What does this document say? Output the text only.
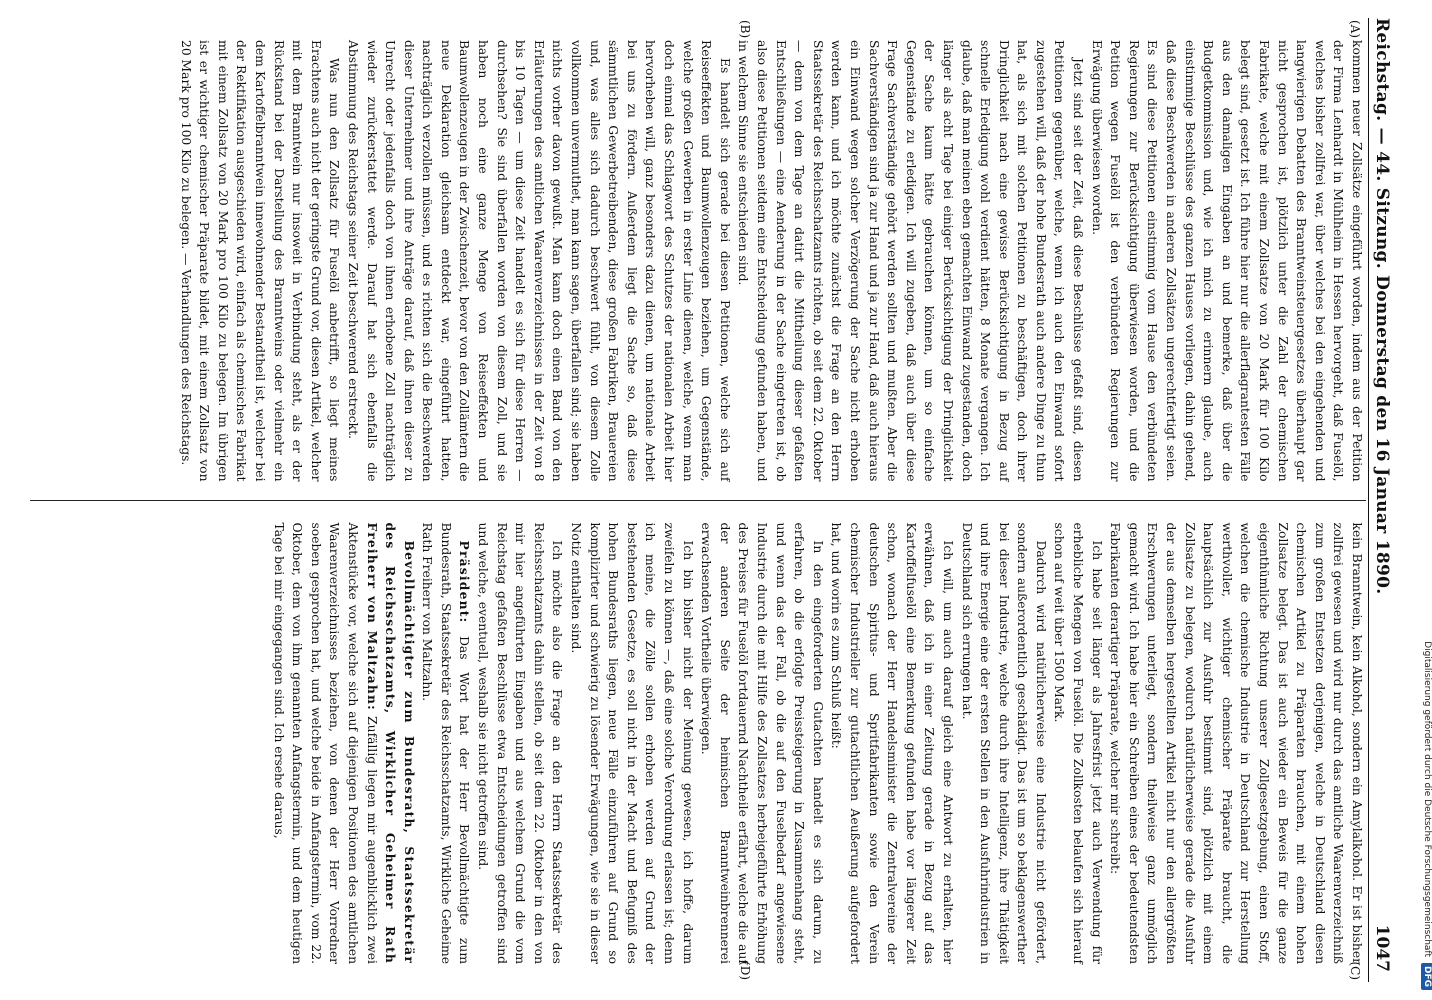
Digitalisierung gefördert durch die Deutsche Forschungsgemeinschaft
DFG
Reichstag. — 44. Sitzung. Donnerstag den 16 Januar 1890.
1047
(A)
(B)

kommen neuer Zollsätze eingeführt worden, indem aus der Petition der Firma Lenhardt in Mühlheim in Hessen hervorgeht, daß Fuselöl, welches bisher zollfrei war, über welches bei den eingehenden und langwierigen Debatten des Branntweinsteuergesetzes überhaupt gar nicht gesprochen ist, plötzlich unter die Zahl der chemischen Fabrikate, welche mit einem Zollsatze von 20 Mark für 100 Kilo belegt sind, gesetzt ist. Ich führe hier nur die allerflagrantesten Fälle aus den damaligen Eingaben an und bemerke, daß über die Budgetkommission und, wie ich mich zu erinnern glaube, auch einstimmige Beschlüsse des ganzen Hauses vorliegen, dahin gehend, daß diese Beschwerden in anderen Zollsätzen ungerechtfertigt seien. Es sind diese Petitionen einstimmig vom Hause den verbündeten Regierungen zur Berücksichtigung überwiesen worden, und die Petition wegen Fuselöl ist den verbündeten Regierungen zur Erwägung überwiesen worden.

Jetzt sind seit der Zeit, daß diese Beschlüsse gefaßt sind, diesen Petitionen gegenüber, welche, wenn ich auch den Einwand sofort zugestehen will, daß der hohe Bundesrath auch andere Dinge zu thun hat, als sich mit solchen Petitionen zu beschäftigen, doch ihrer Dringlichkeit nach eine gewisse Berücksichtigung in Bezug auf schnelle Erledigung wohl verdient hätten, 8 Monate vergangen. Ich glaube, daß man meinen eben gemachten Einwand zugestanden, doch länger als acht Tage bei einiger Berücksichtigung der Dringlichkeit der Sache kaum hätte gebrauchen können, um so einfache Gegenstände zu erledigen. Ich will zugeben, daß auch über diese Frage Sachverständige gehört werden sollten und mußten. Aber die Sachverständigen sind ja zur Hand und ja zur Hand, daß auch hieraus ein Einwand wegen solcher Verzögerung der Sache nicht erhoben werden kann, und ich möchte zunächst die Frage an den Herrn Staatssekretär des Reichsschatzamts richten, ob seit dem 22. Oktober — denn von dem Tage an datirt die Mittheilung dieser gefaßten Entschließungen — eine Aenderung in der Sache eingetreten ist, ob also diese Petitionen seitdem eine Entscheidung gefunden haben, und in welchem Sinne sie entschieden sind.

Es handelt sich gerade bei diesen Petitionen, welche sich auf Reiseeffekten und Baumwollenzeugen beziehen, um Gegenstände, welche großen Gewerben in erster Linie dienen, welche, wenn man doch einmal das Schlagwort des Schutzes der nationalen Arbeit hier hervorheben will, ganz besonders dazu dienen, um nationale Arbeit bei uns zu fördern. Außerdem liegt die Sache so, daß diese sämmtlichen Gewerbetreibenden, diese großen Fabriken, Brauereien und, was alles sich dadurch beschwert fühlt, von diesem Zolle vollkommen unvermuthet, man kann sagen, überfallen sind; sie haben nichts vorher davon gewußt. Man kann doch einen Band von den Erläuterungen des amtlichen Waarenverzeichnisses in der Zeit von 8 bis 10 Tagen — um diese Zeit handelt es sich für diese Herren — durchsehen? Sie sind überfallen worden von diesem Zoll, und sie haben noch eine ganze Menge von Reiseeffekten und Baumwollenzeugen in der Zwischenzeit, bevor von den Zollämtern die neue Deklaration gleichsam entdeckt war, eingeführt hatten, nachträglich verzollen müssen, und es richten sich die Beschwerden dieser Unternehmer und ihre Anträge darauf, daß ihnen dieser zu Unrecht oder jedenfalls doch von ihnen erhobene Zoll nachträglich wieder zurückerstattet werde. Darauf hat sich ebenfalls die Abstimmung des Reichstags seiner Zeit beschwerend erstreckt.

Was nun den Zollsatz für Fuselöl anbetrifft, so liegt meines Erachtens auch nicht der geringste Grund vor, diesen Artikel, welcher mit dem Branntwein nur insoweit in Verbindung steht, als er der Rückstand bei der Darstellung des Branntweins oder vielmehr ein dem Kartoffelbranntwein innewohnender Bestandtheil ist, welcher bei der Rektifikation ausgeschieden wird, einfach als chemisches Fabrikat mit einem Zollsatz von 20 Mark pro 100 Kilo zu belegen. Im übrigen ist er wichtiger chemischer Präparate bildet, mit einem Zollsatz von 20 Mark pro 100 Kilo zu belegen. — Verhandlungen des Reichstags.

(C)
(D)

kein Branntwein, kein Alkohol, sondern ein Amylalkohol. Er ist bisher zollfrei gewesen und wird nur durch das amtliche Waarenverzeichniß zum großen Entsetzen derjenigen, welche in Deutschland diesen chemischen Artikel zu Präparaten brauchen, mit einem hohen Zollsatze belegt. Das ist auch wieder ein Beweis für die ganze eigenthümliche Richtung unserer Zollgesetzgebung, einen Stoff, welchen die chemische Industrie in Deutschland zur Herstellung werthvoller, wichtiger chemischer Präparate braucht, die hauptsächlich zur Ausfuhr bestimmt sind, plötzlich mit einem Zollsatze zu belegen, wodurch natürlicherweise gerade die Ausfuhr der aus demselben hergestellten Artikel nicht nur den allergrößten Erschwerungen unterliegt, sondern theilweise ganz unmöglich gemacht wird. Ich habe hier ein Schreiben eines der bedeutendsten Fabrikanten derartiger Präparate, welcher mir schreibt:

Ich habe seit länger als Jahresfrist jetzt auch Verwendung für erhebliche Mengen von Fuselöl. Die Zollkosten belaufen sich hierauf schon auf weit über 1500 Mark.

Dadurch wird natürlicherweise eine Industrie nicht gefördert, sondern außerordentlich geschädigt. Das ist um so beklagenswerther bei dieser Industrie, welche durch ihre Intelligenz, ihre Thätigkeit und ihre Energie eine der ersten Stellen in den Ausfuhrindustrien in Deutschland sich errungen hat.

Ich will, um auch darauf gleich eine Antwort zu erhalten, hier erwähnen, daß ich in einer Zeitung gerade in Bezug auf das Kartoffelfuselöl eine Bemerkung gefunden habe vor längerer Zeit schon, wonach der Herr Handelsminister die Zentralvereine der deutschen Spiritus- und Spritfabrikanten sowie den Verein chemischer Industrieller zur gutachtlichen Aeußerung aufgefordert hat, und worin es zum Schluß heißt:

In den eingeforderten Gutachten handelt es sich darum, zu erfahren, ob die erfolgte Preissteigerung in Zusammenhang steht, und wenn das der Fall, ob die auf den Fuselbedarf angewiesene Industrie durch die mit Hilfe des Zollsatzes herbeigeführte Erhöhung des Preises für Fuselöl fortdauernd Nachtheile erfährt, welche die auf der anderen Seite der heimischen Branntweinbrennerei erwachsenden Vortheile überwiegen.

Ich bin bisher nicht der Meinung gewesen, ich hoffe, darum zweifeln zu können —, daß eine solche Verordnung erlassen ist; denn ich meine, die Zölle sollen erhoben werden auf Grund der bestehenden Gesetze, es soll nicht in der Macht und Befugniß des hohen Bundesraths liegen, neue Fälle einzuführen auf Grund so komplizirter und schwierig zu lösender Erwägungen, wie sie in dieser Notiz enthalten sind.

Ich möchte also die Frage an den Herrn Staatssekretär des Reichsschatzamts dahin stellen, ob seit dem 22. Oktober in den von mir hier angeführten Eingaben und aus welchem Grund die vom Reichstag gefaßten Beschlüsse etwa Entscheidungen getroffen sind und welche, eventuell, weshalb sie nicht getroffen sind.

Präsident: Das Wort hat der Herr Bevollmächtigte zum Bundesrath, Staatssekretär des Reichsschatzamts, Wirkliche Geheime Rath Freiherr von Maltzahn.

Bevollmächtigter zum Bundesrath, Staatssekretär des Reichsschatzamts, Wirklicher Geheimer Rath Freiherr von Maltzahn: Zufällig liegen mir augenblicklich zwei Aktenstücke vor, welche sich auf diejenigen Positionen des amtlichen Waarenverzeichnisses beziehen, von denen der Herr Vorredner soeben gesprochen hat, und welche beide in Anfangstermin, vom 22. Oktober, dem von ihm genannten Anfangstermin, und dem heutigen Tage bei mir eingegangen sind. Ich ersehe daraus,
